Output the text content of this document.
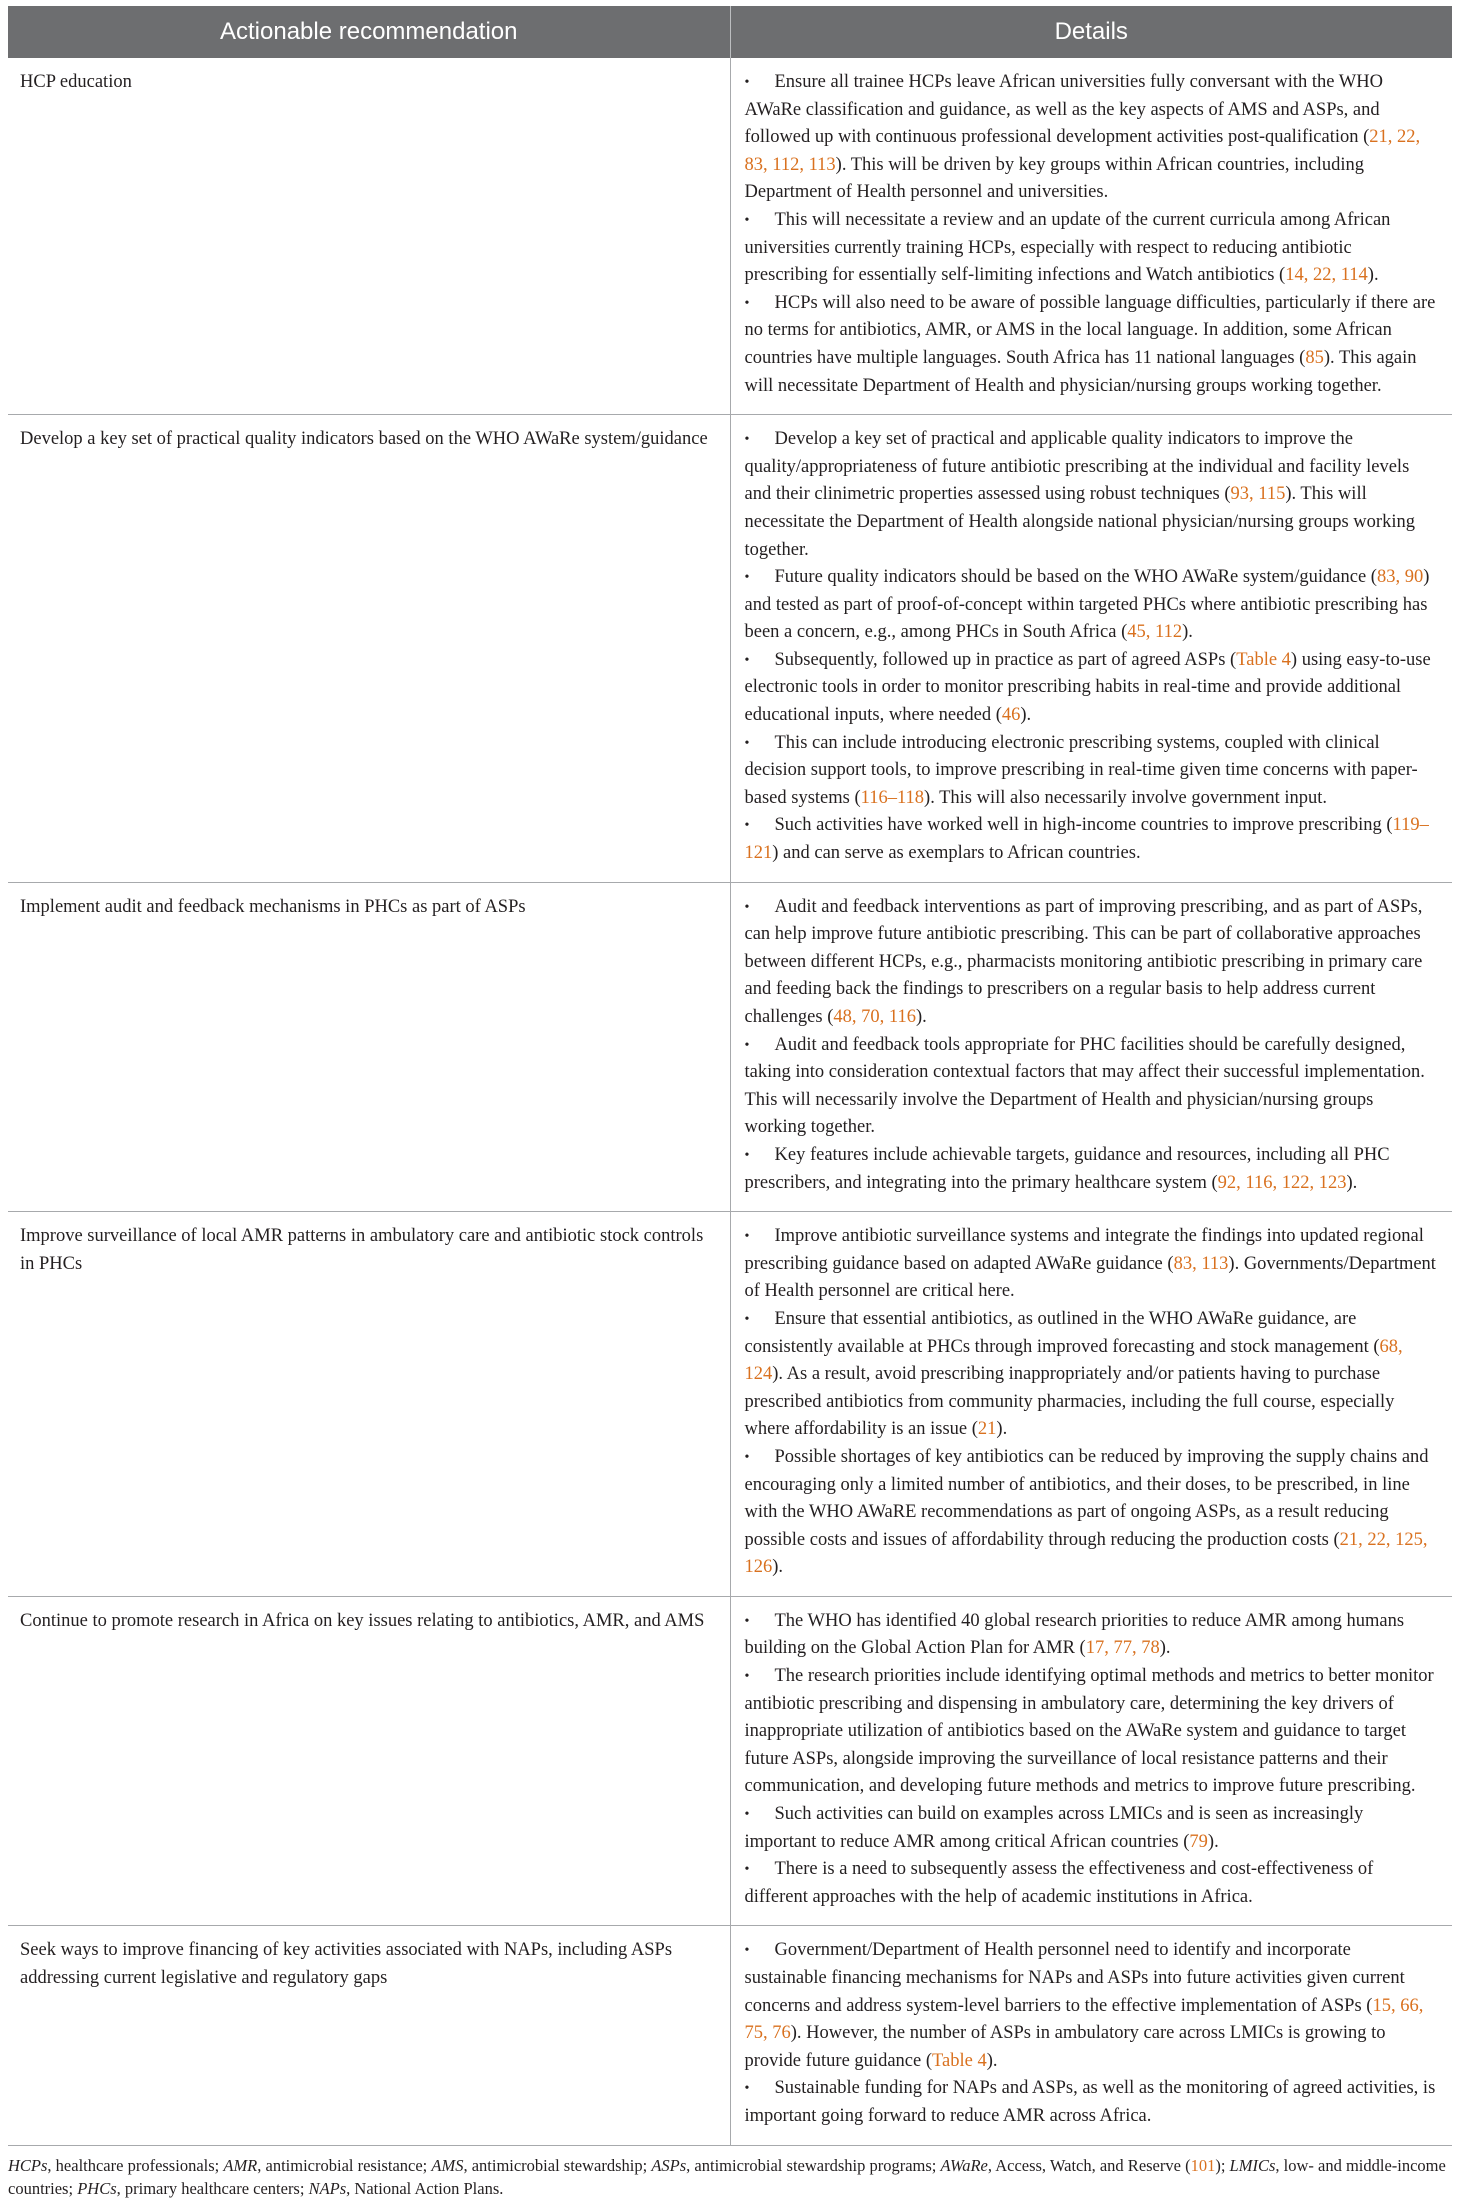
Actionable recommendation	Details
HCP education	• Ensure all trainee HCPs leave African universities fully conversant with the WHO AWaRe classification and guidance, as well as the key aspects of AMS and ASPs, and followed up with continuous professional development activities post-qualification (21, 22, 83, 112, 113). This will be driven by key groups within African countries, including Department of Health personnel and universities.

• This will necessitate a review and an update of the current curricula among African universities currently training HCPs, especially with respect to reducing antibiotic prescribing for essentially self-limiting infections and Watch antibiotics (14, 22, 114).

• HCPs will also need to be aware of possible language difficulties, particularly if there are no terms for antibiotics, AMR, or AMS in the local language. In addition, some African countries have multiple languages. South Africa has 11 national languages (85). This again will necessitate Department of Health and physician/nursing groups working together.

Develop a key set of practical quality indicators based on the WHO AWaRe system/guidance	• Develop a key set of practical and applicable quality indicators to improve the quality/appropriateness of future antibiotic prescribing at the individual and facility levels and their clinimetric properties assessed using robust techniques (93, 115). This will necessitate the Department of Health alongside national physician/nursing groups working together.

• Future quality indicators should be based on the WHO AWaRe system/guidance (83, 90) and tested as part of proof-of-concept within targeted PHCs where antibiotic prescribing has been a concern, e.g., among PHCs in South Africa (45, 112).

• Subsequently, followed up in practice as part of agreed ASPs (Table 4) using easy-to-use electronic tools in order to monitor prescribing habits in real-time and provide additional educational inputs, where needed (46).

• This can include introducing electronic prescribing systems, coupled with clinical decision support tools, to improve prescribing in real-time given time concerns with paper-based systems (116–118). This will also necessarily involve government input.

• Such activities have worked well in high-income countries to improve prescribing (119–121) and can serve as exemplars to African countries.

Implement audit and feedback mechanisms in PHCs as part of ASPs	• Audit and feedback interventions as part of improving prescribing, and as part of ASPs, can help improve future antibiotic prescribing. This can be part of collaborative approaches between different HCPs, e.g., pharmacists monitoring antibiotic prescribing in primary care and feeding back the findings to prescribers on a regular basis to help address current challenges (48, 70, 116).

• Audit and feedback tools appropriate for PHC facilities should be carefully designed, taking into consideration contextual factors that may affect their successful implementation. This will necessarily involve the Department of Health and physician/nursing groups working together.

• Key features include achievable targets, guidance and resources, including all PHC prescribers, and integrating into the primary healthcare system (92, 116, 122, 123).

Improve surveillance of local AMR patterns in ambulatory care and antibiotic stock controls in PHCs	• Improve antibiotic surveillance systems and integrate the findings into updated regional prescribing guidance based on adapted AWaRe guidance (83, 113). Governments/Department of Health personnel are critical here.

• Ensure that essential antibiotics, as outlined in the WHO AWaRe guidance, are consistently available at PHCs through improved forecasting and stock management (68, 124). As a result, avoid prescribing inappropriately and/or patients having to purchase prescribed antibiotics from community pharmacies, including the full course, especially where affordability is an issue (21).

• Possible shortages of key antibiotics can be reduced by improving the supply chains and encouraging only a limited number of antibiotics, and their doses, to be prescribed, in line with the WHO AWaRE recommendations as part of ongoing ASPs, as a result reducing possible costs and issues of affordability through reducing the production costs (21, 22, 125, 126).

Continue to promote research in Africa on key issues relating to antibiotics, AMR, and AMS	• The WHO has identified 40 global research priorities to reduce AMR among humans building on the Global Action Plan for AMR (17, 77, 78).

• The research priorities include identifying optimal methods and metrics to better monitor antibiotic prescribing and dispensing in ambulatory care, determining the key drivers of inappropriate utilization of antibiotics based on the AWaRe system and guidance to target future ASPs, alongside improving the surveillance of local resistance patterns and their communication, and developing future methods and metrics to improve future prescribing.

• Such activities can build on examples across LMICs and is seen as increasingly important to reduce AMR among critical African countries (79).

• There is a need to subsequently assess the effectiveness and cost-effectiveness of different approaches with the help of academic institutions in Africa.

Seek ways to improve financing of key activities associated with NAPs, including ASPs addressing current legislative and regulatory gaps	• Government/Department of Health personnel need to identify and incorporate sustainable financing mechanisms for NAPs and ASPs into future activities given current concerns and address system-level barriers to the effective implementation of ASPs (15, 66, 75, 76). However, the number of ASPs in ambulatory care across LMICs is growing to provide future guidance (Table 4).

• Sustainable funding for NAPs and ASPs, as well as the monitoring of agreed activities, is important going forward to reduce AMR across Africa.

HCPs, healthcare professionals; AMR, antimicrobial resistance; AMS, antimicrobial stewardship; ASPs, antimicrobial stewardship programs; AWaRe, Access, Watch, and Reserve (101); LMICs, low- and middle-income countries; PHCs, primary healthcare centers; NAPs, National Action Plans.
